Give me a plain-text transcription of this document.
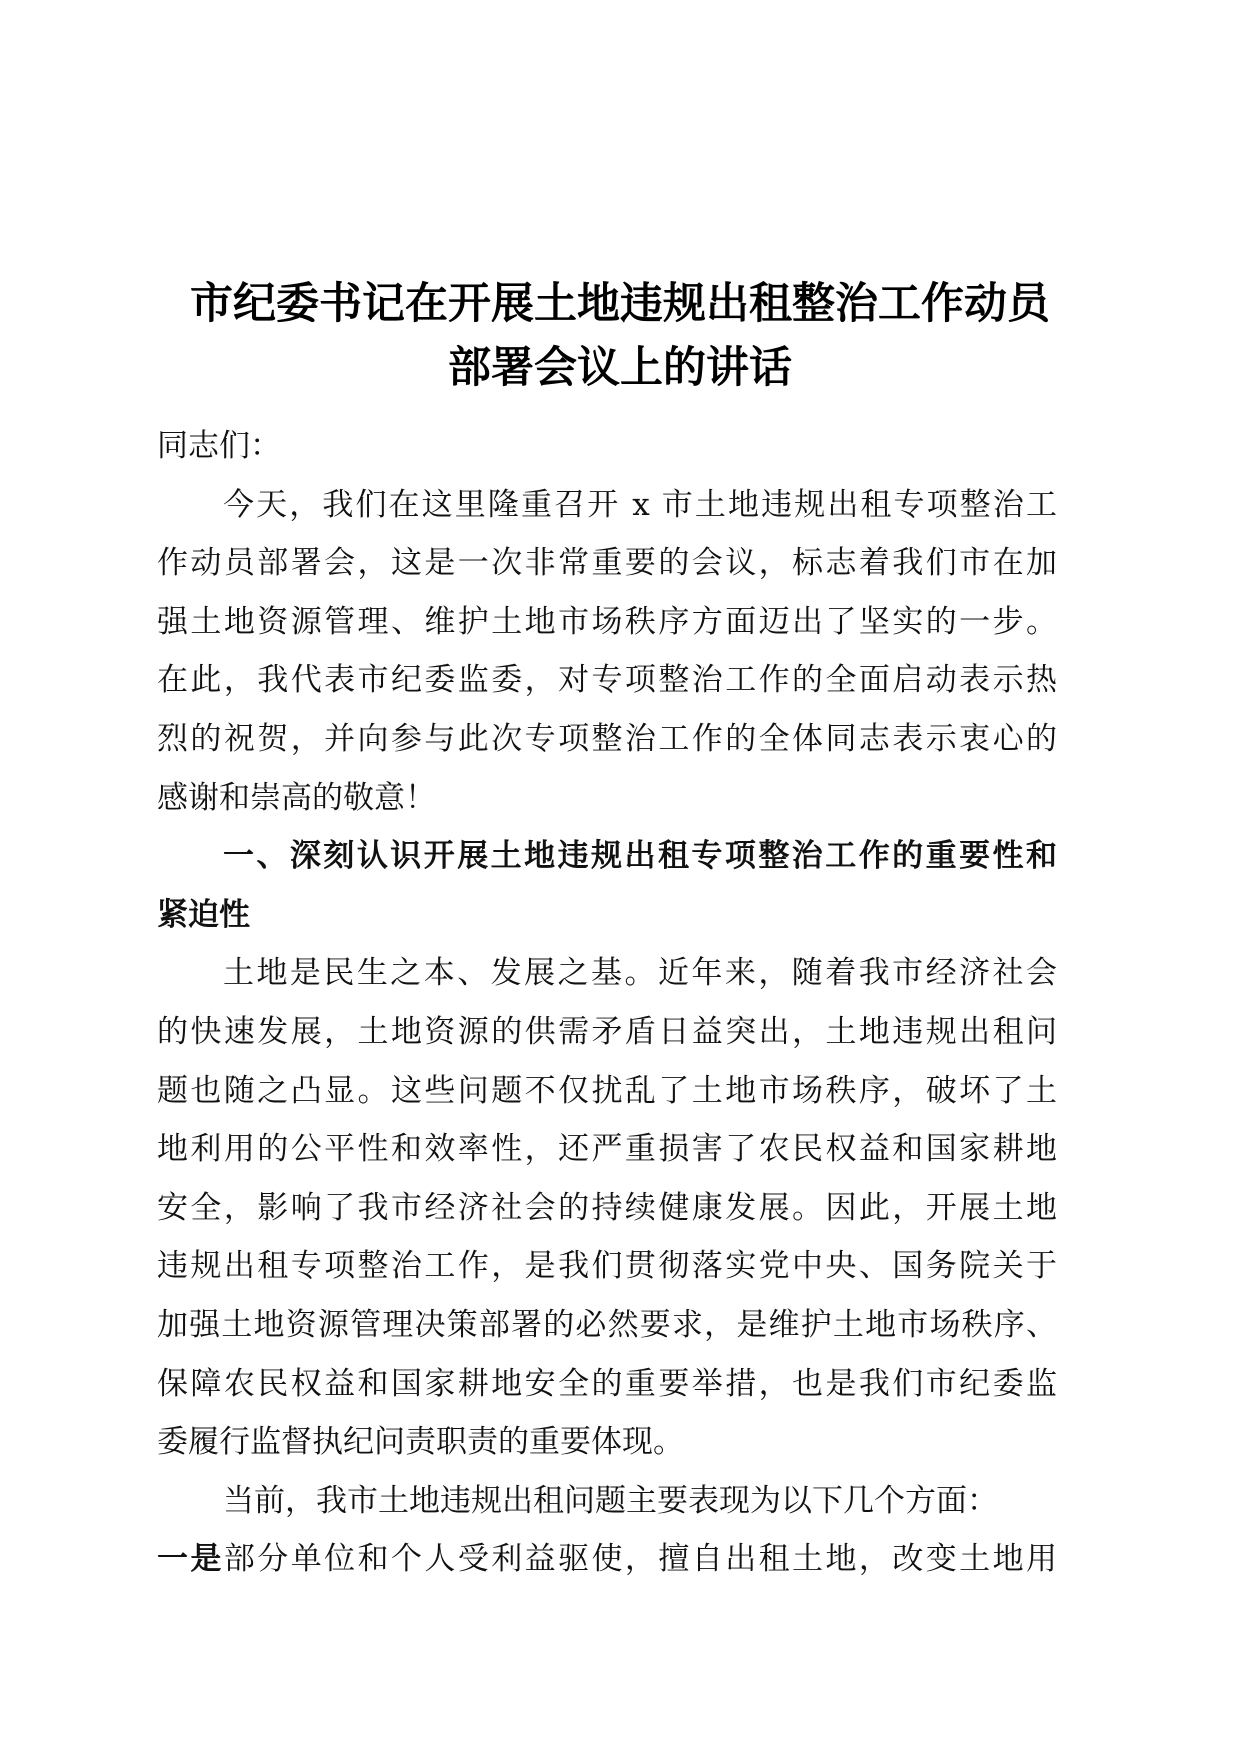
市纪委书记在开展土地违规出租整治工作动员
部署会议上的讲话
同志们：
今天，我们在这里隆重召开 x 市土地违规出租专项整治工
作动员部署会，这是一次非常重要的会议，标志着我们市在加
强土地资源管理、维护土地市场秩序方面迈出了坚实的一步。
在此，我代表市纪委监委，对专项整治工作的全面启动表示热
烈的祝贺，并向参与此次专项整治工作的全体同志表示衷心的
感谢和崇高的敬意！
一、深刻认识开展土地违规出租专项整治工作的重要性和
紧迫性
土地是民生之本、发展之基。近年来，随着我市经济社会
的快速发展，土地资源的供需矛盾日益突出，土地违规出租问
题也随之凸显。这些问题不仅扰乱了土地市场秩序，破坏了土
地利用的公平性和效率性，还严重损害了农民权益和国家耕地
安全，影响了我市经济社会的持续健康发展。因此，开展土地
违规出租专项整治工作，是我们贯彻落实党中央、国务院关于
加强土地资源管理决策部署的必然要求，是维护土地市场秩序、
保障农民权益和国家耕地安全的重要举措，也是我们市纪委监
委履行监督执纪问责职责的重要体现。
当前，我市土地违规出租问题主要表现为以下几个方面：
一是部分单位和个人受利益驱使，擅自出租土地，改变土地用
